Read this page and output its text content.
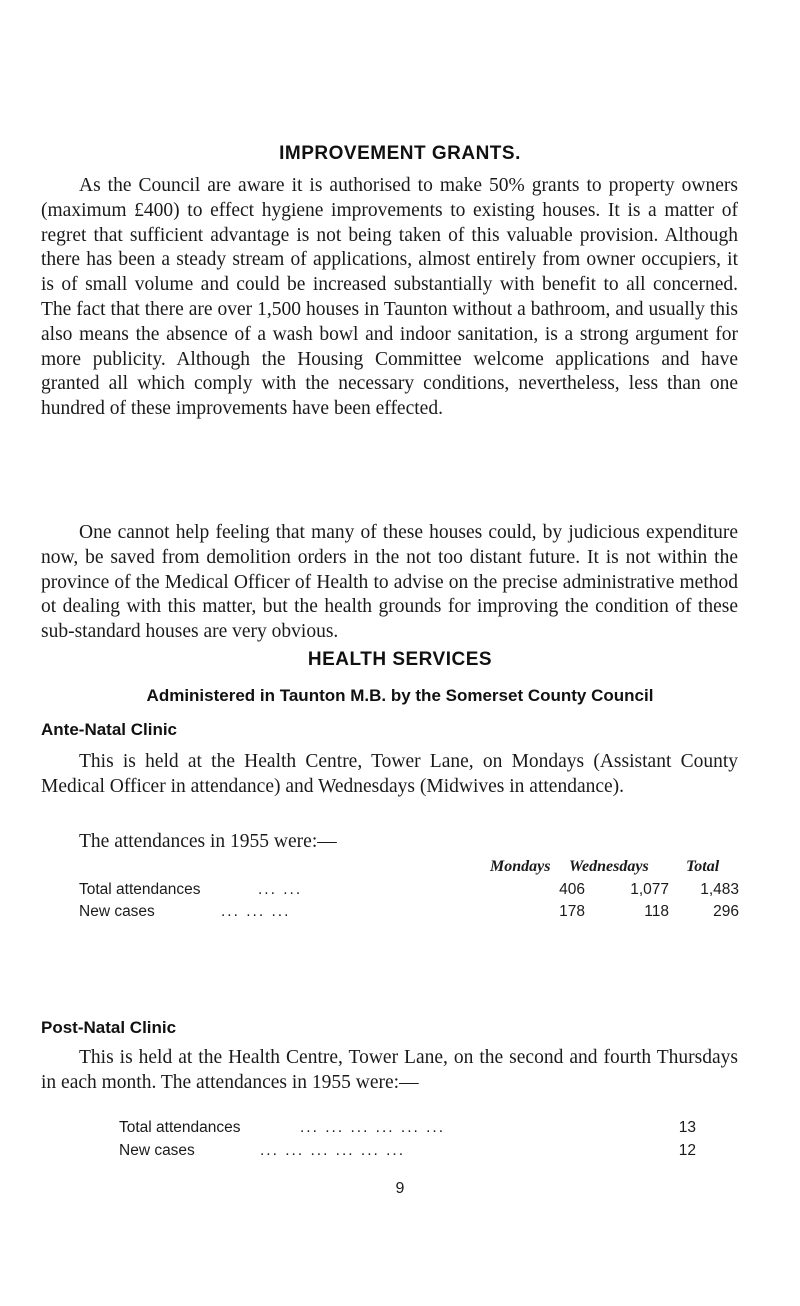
IMPROVEMENT GRANTS.

As the Council are aware it is authorised to make 50% grants to property owners (maximum £400) to effect hygiene improvements to existing houses. It is a matter of regret that sufficient advantage is not being taken of this valuable provision. Although there has been a steady stream of applications, almost entirely from owner occupiers, it is of small volume and could be increased substantially with benefit to all concerned. The fact that there are over 1,500 houses in Taunton without a bathroom, and usually this also means the absence of a wash bowl and indoor sanitation, is a strong argument for more publicity. Although the Housing Committee welcome applications and have granted all which comply with the necessary conditions, nevertheless, less than one hundred of these improvements have been effected.

One cannot help feeling that many of these houses could, by judicious expenditure now, be saved from demolition orders in the not too distant future. It is not within the province of the Medical Officer of Health to advise on the precise administrative method ot dealing with this matter, but the health grounds for improving the condition of these sub-standard houses are very obvious.

HEALTH SERVICES
Administered in Taunton M.B. by the Somerset County Council
Ante-Natal Clinic

This is held at the Health Centre, Tower Lane, on Mondays (Assistant County Medical Officer in attendance) and Wednesdays (Midwives in attendance).

The attendances in 1955 were:—
Mondays Wednesdays Total
Total attendances	... ...	406	1,077	1,483
New cases	... ... ...	178	118	296
Post-Natal Clinic

This is held at the Health Centre, Tower Lane, on the second and fourth Thursdays in each month. The attendances in 1955 were:—

Total attendances	... ... ... ... ... ...	13
New cases	... ... ... ... ... ...	12
9
